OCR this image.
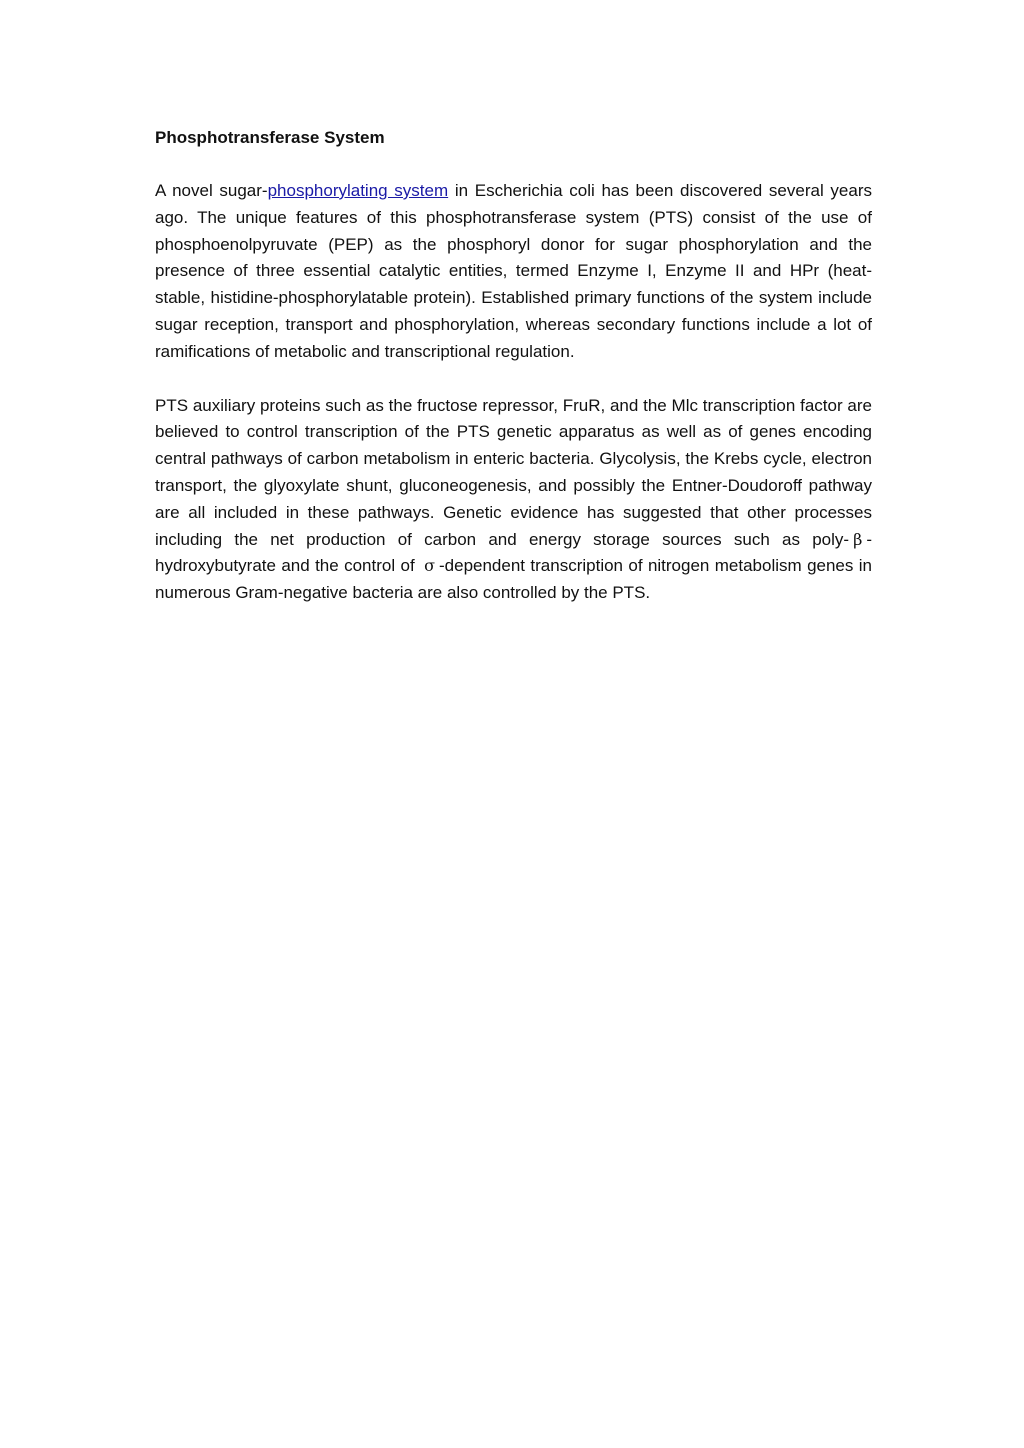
Phosphotransferase System

A novel sugar-phosphorylating system in Escherichia coli has been discovered several years ago. The unique features of this phosphotransferase system (PTS) consist of the use of phosphoenolpyruvate (PEP) as the phosphoryl donor for sugar phosphorylation and the presence of three essential catalytic entities, termed Enzyme I, Enzyme II and HPr (heat-stable, histidine-phosphorylatable protein). Established primary functions of the system include sugar reception, transport and phosphorylation, whereas secondary functions include a lot of ramifications of metabolic and transcriptional regulation.

PTS auxiliary proteins such as the fructose repressor, FruR, and the Mlc transcription factor are believed to control transcription of the PTS genetic apparatus as well as of genes encoding central pathways of carbon metabolism in enteric bacteria. Glycolysis, the Krebs cycle, electron transport, the glyoxylate shunt, gluconeogenesis, and possibly the Entner-Doudoroff pathway are all included in these pathways. Genetic evidence has suggested that other processes including the net production of carbon and energy storage sources such as poly- β -hydroxybutyrate and the control of σ -dependent transcription of nitrogen metabolism genes in numerous Gram-negative bacteria are also controlled by the PTS.
